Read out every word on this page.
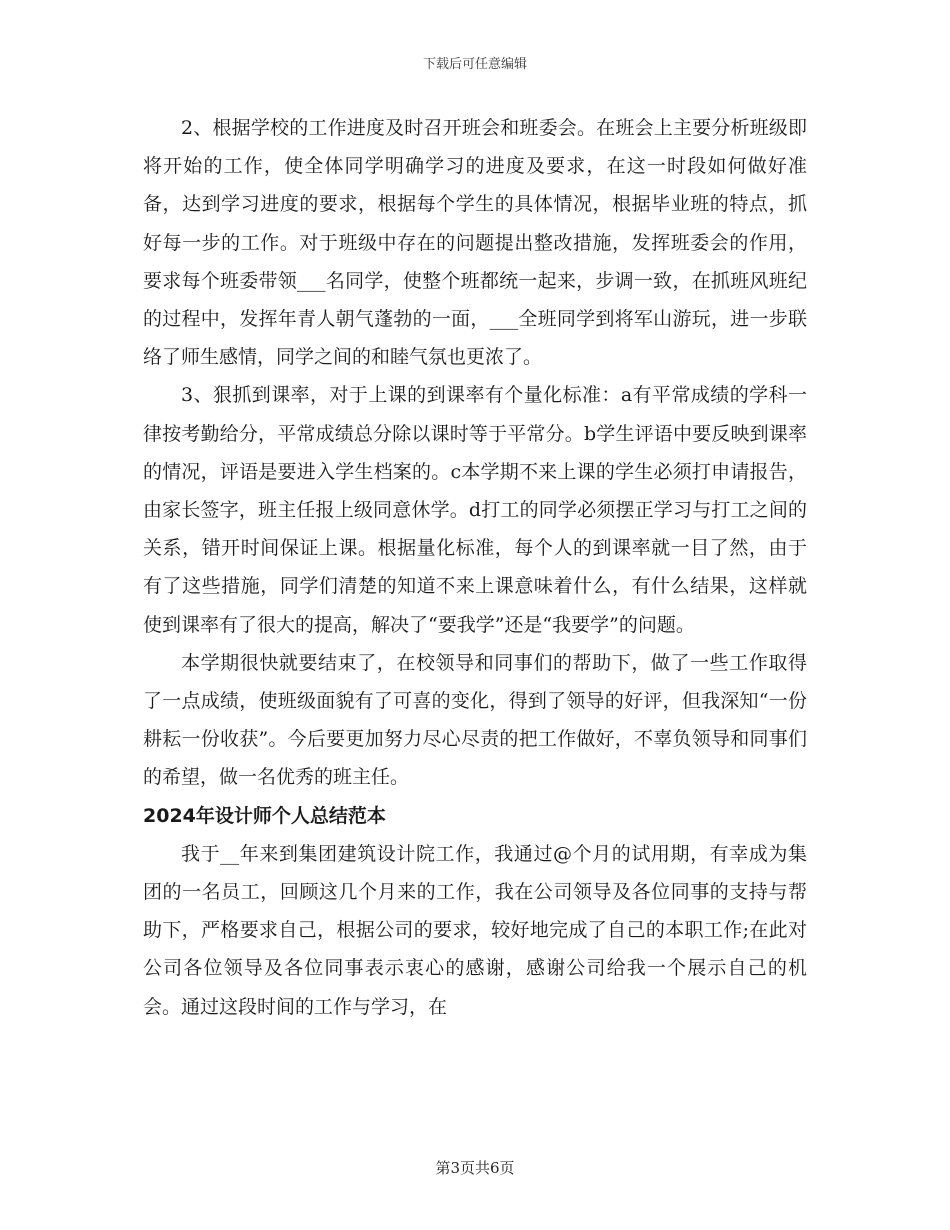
下载后可任意编辑

2、根据学校的工作进度及时召开班会和班委会。在班会上主要分析班级即将开始的工作，使全体同学明确学习的进度及要求，在这一时段如何做好准备，达到学习进度的要求，根据每个学生的具体情况，根据毕业班的特点，抓好每一步的工作。对于班级中存在的问题提出整改措施，发挥班委会的作用，要求每个班委带领___名同学，使整个班都统一起来，步调一致，在抓班风班纪的过程中，发挥年青人朝气蓬勃的一面，___全班同学到将军山游玩，进一步联络了师生感情，同学之间的和睦气氛也更浓了。

3、狠抓到课率，对于上课的到课率有个量化标准：a有平常成绩的学科一律按考勤给分，平常成绩总分除以课时等于平常分。b学生评语中要反映到课率的情况，评语是要进入学生档案的。c本学期不来上课的学生必须打申请报告，由家长签字，班主任报上级同意休学。d打工的同学必须摆正学习与打工之间的关系，错开时间保证上课。根据量化标准，每个人的到课率就一目了然，由于有了这些措施，同学们清楚的知道不来上课意味着什么，有什么结果，这样就使到课率有了很大的提高，解决了“要我学”还是“我要学”的问题。

本学期很快就要结束了，在校领导和同事们的帮助下，做了一些工作取得了一点成绩，使班级面貌有了可喜的变化，得到了领导的好评，但我深知“一份耕耘一份收获”。今后要更加努力尽心尽责的把工作做好，不辜负领导和同事们的希望，做一名优秀的班主任。

2024年设计师个人总结范本

我于__年来到集团建筑设计院工作，我通过@个月的试用期，有幸成为集团的一名员工，回顾这几个月来的工作，我在公司领导及各位同事的支持与帮助下，严格要求自己，根据公司的要求，较好地完成了自己的本职工作;在此对公司各位领导及各位同事表示衷心的感谢，感谢公司给我一个展示自己的机会。通过这段时间的工作与学习，在

第3页共6页
